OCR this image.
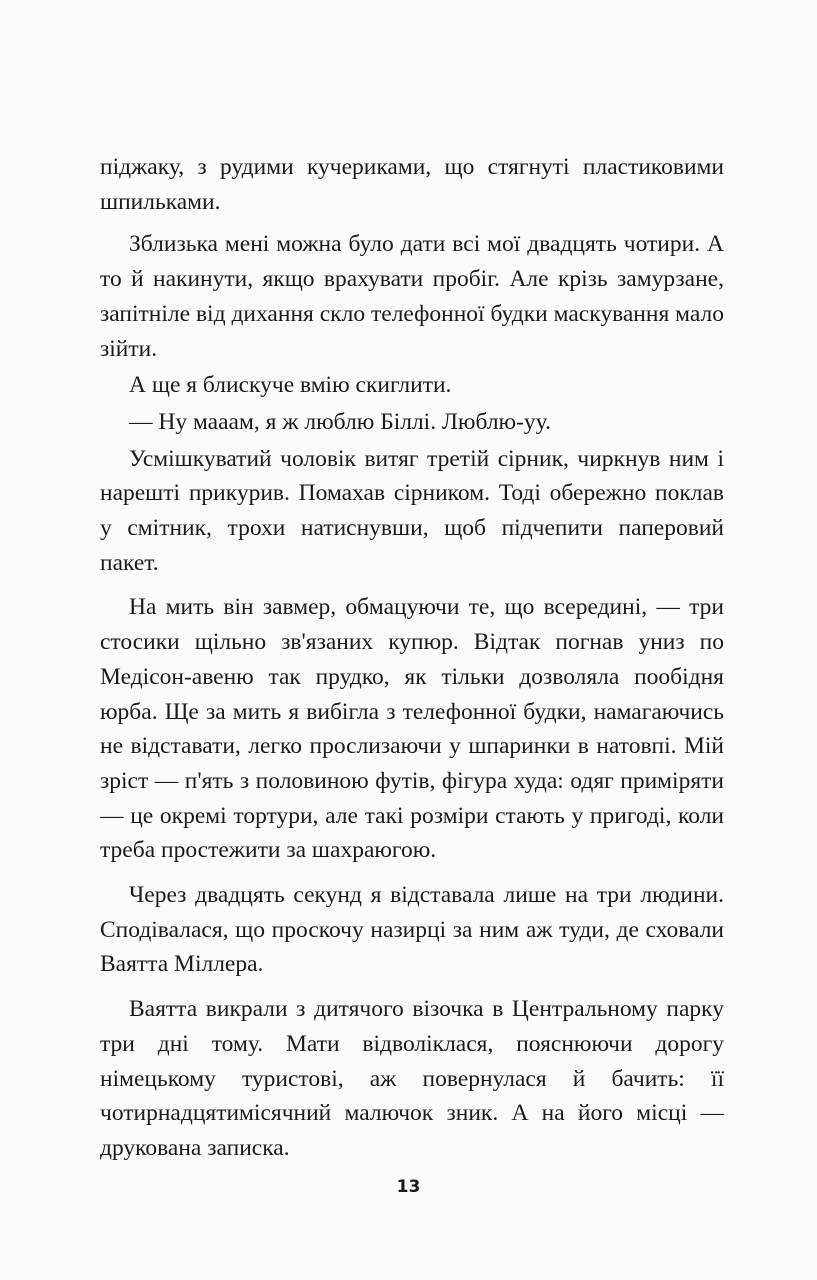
піджаку, з рудими кучериками, що стягнуті пластиковими шпильками.

Зблизька мені можна було дати всі мої двадцять чотири. А то й накинути, якщо врахувати пробіг. Але крізь замурзане, запітніле від дихання скло телефонної будки маскування мало зійти.

А ще я блискуче вмію скиглити.

— Ну мааам, я ж люблю Біллі. Люблю-уу.

Усмішкуватий чоловік витяг третій сірник, чиркнув ним і нарешті прикурив. Помахав сірником. Тоді обережно поклав у смітник, трохи натиснувши, щоб підчепити паперовий пакет.

На мить він завмер, обмацуючи те, що всередині, — три стосики щільно зв'язаних купюр. Відтак погнав униз по Медісон-авеню так прудко, як тільки дозволяла пообідня юрба. Ще за мить я вибігла з телефонної будки, намагаючись не відставати, легко прослизаючи у шпаринки в натовпі. Мій зріст — п'ять з половиною футів, фігура худа: одяг приміряти — це окремі тортури, але такі розміри стають у пригоді, коли треба простежити за шахраюгою.

Через двадцять секунд я відставала лише на три людини. Сподівалася, що проскочу назирці за ним аж туди, де сховали Ваятта Міллера.

Ваятта викрали з дитячого візочка в Центральному парку три дні тому. Мати відволіклася, пояснюючи дорогу німецькому туристові, аж повернулася й бачить: її чотирнадцятимісячний малючок зник. А на його місці — друкована записка.

13
